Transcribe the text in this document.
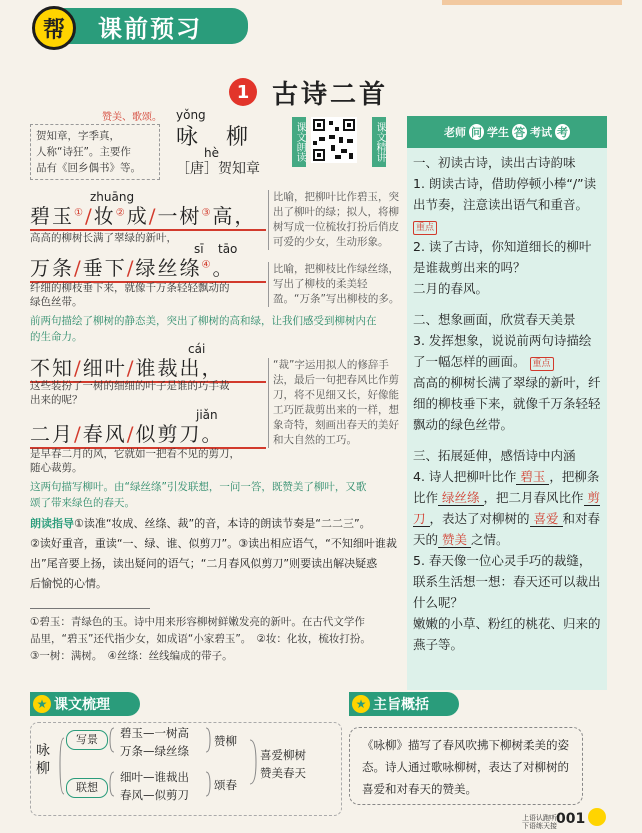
课前预习
帮
1 古诗二首
赞美、歌颂。
贺知章，字季真，
人称“诗狂”。主要作
品有《回乡偶书》等。
yǒng
咏 柳
hè
［唐］贺知章
课文朗读	课文精讲
zhuāng
碧玉①/妆②成/一树③高，
高高的柳树长满了翠绿的新叶，
比喻，把柳叶比作碧玉，突出了柳叶的绿；拟人，将柳树写成一位梳妆打扮后俏皮可爱的少女，生动形象。
sī tāo
万条/垂下/绿丝绦④。
纤细的柳枝垂下来，就像千万条轻轻飘动的
绿色丝带。
比喻，把柳枝比作绿丝绦，写出了柳枝的柔美轻盈。“万条”写出柳枝的多。
前两句描绘了柳树的静态美，突出了柳树的高和绿，让我们感受到柳树内在
的生命力。
cái
不知/细叶/谁裁出，
这些装扮了一树的细细的叶子是谁的巧手裁
出来的呢？
“裁”字运用拟人的修辞手法，最后一句把春风比作剪刀，将不见细又长，好像能工巧匠裁剪出来的一样，想象奇特，刻画出春天的美好和大自然的工巧。
jiǎn
二月/春风/似剪刀。
是早春二月的风，它就如一把看不见的剪刀，
随心裁剪。
这两句描写柳叶。由“绿丝绦”引发联想，一问一答，既赞美了柳叶，又歌
颂了带来绿色的春天。
朗读指导①读准“妆成、丝绦、裁”的音，本诗的朗读节奏是“二二三”。
②读好重音，重读“一、绿、谁、似剪刀”。③读出相应语气，“不知细叶谁裁
出”尾音要上扬，读出疑问的语气；“二月春风似剪刀”则要读出解决疑惑
后愉悦的心情。
①碧玉：青绿色的玉。诗中用来形容柳树鲜嫩发亮的新叶。在古代文学作
品里，“碧玉”还代指少女，如成语“小家碧玉”。　②妆：化妆，梳妆打扮。
③一树：满树。　④丝绦：丝线编成的带子。
老师 问 学生 答 考试 考
一、初读古诗，读出古诗韵味
1. 朗读古诗，借助停顿小棒“/”读出节奏，注意读出语气和重音。 重点
2. 读了古诗，你知道细长的柳叶是谁裁剪出来的吗？
二月的春风。
二、想象画面，欣赏春天美景
3. 发挥想象，说说前两句诗描绘了一幅怎样的画面。 重点
高高的柳树长满了翠绿的新叶，纤细的柳枝垂下来，就像千万条轻轻飘动的绿色丝带。
三、拓展延伸，感悟诗中内涵
4. 诗人把柳叶比作 碧玉 ，把柳条比作 绿丝绦 ，把二月春风比作 剪刀 ，表达了对柳树的 喜爱 和对春天的 赞美 之情。
5. 春天像一位心灵手巧的裁缝，联系生活想一想：春天还可以裁出什么呢？
嫩嫩的小草、粉红的桃花、归来的燕子等。
课文梳理
★
咏柳
写景
联想
碧玉—一树高
万条—绿丝绦
细叶—谁裁出
春风—似剪刀
赞柳
颂春
喜爱柳树
赞美春天
主旨概括
★
《咏柳》描写了春风吹拂下柳树柔美的姿态。诗人通过歌咏柳树，表达了对柳树的喜爱和对春天的赞美。
上语认跑听
下语练天接 001
